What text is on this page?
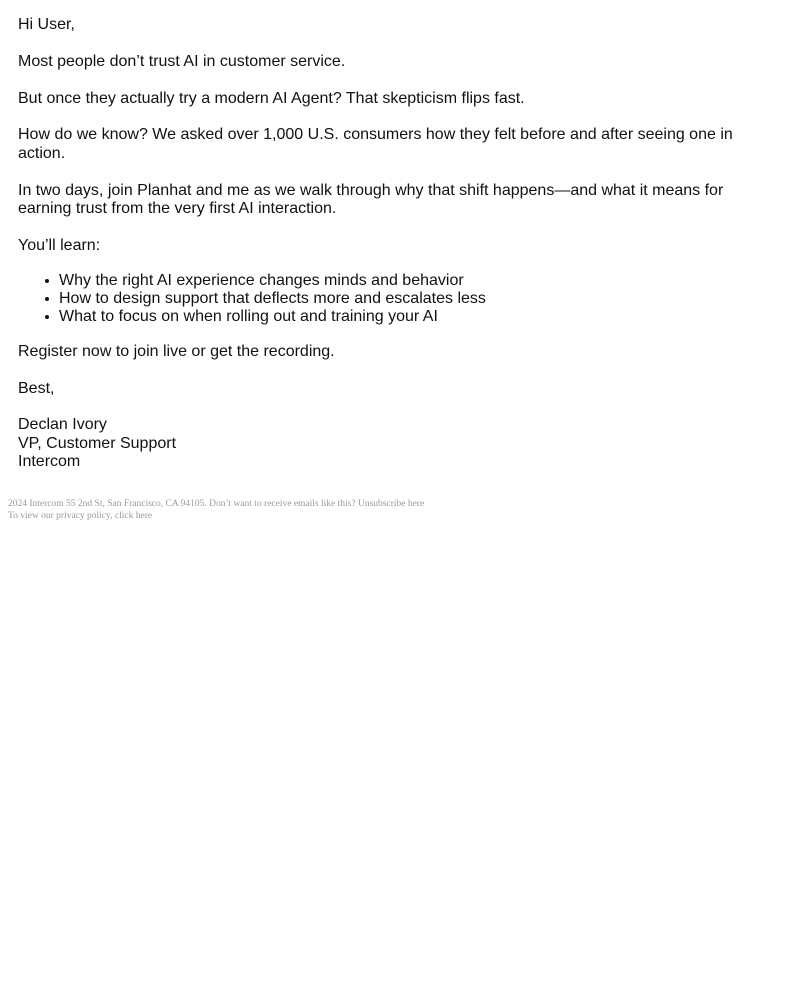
Hi User,

Most people don’t trust AI in customer service.

But once they actually try a modern AI Agent? That skepticism flips fast.

How do we know? We asked over 1,000 U.S. consumers how they felt before and after seeing one in action.

In two days, join Planhat and me as we walk through why that shift happens—and what it means for earning trust from the very first AI interaction.

You’ll learn:

Why the right AI experience changes minds and behavior
How to design support that deflects more and escalates less
What to focus on when rolling out and training your AI

Register now to join live or get the recording.

Best,

Declan Ivory

VP, Customer Support

Intercom

2024 Intercom 55 2nd St, San Francisco, CA 94105. Don’t want to receive emails like this? Unsubscribe here

To view our privacy policy, click here
